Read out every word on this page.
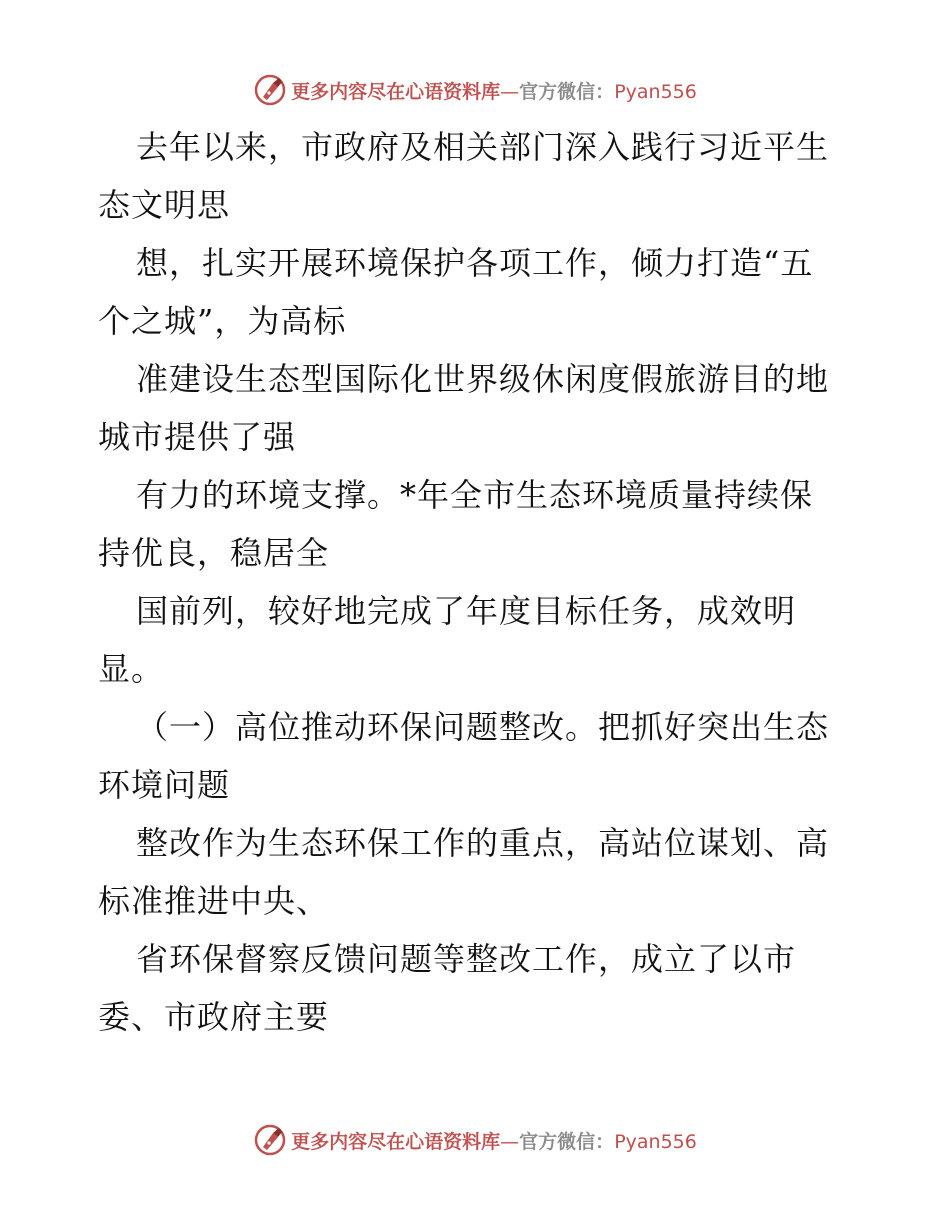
更多内容尽在心语资料库—官方微信：Pyan556
去年以来，市政府及相关部门深入践行习近平生
态文明思
想，扎实开展环境保护各项工作，倾力打造“五
个之城”，为高标
准建设生态型国际化世界级休闲度假旅游目的地
城市提供了强
有力的环境支撑。*年全市生态环境质量持续保
持优良，稳居全
国前列，较好地完成了年度目标任务，成效明
显。
（一）高位推动环保问题整改。把抓好突出生态
环境问题
整改作为生态环保工作的重点，高站位谋划、高
标准推进中央、
省环保督察反馈问题等整改工作，成立了以市
委、市政府主要
更多内容尽在心语资料库—官方微信：Pyan556
